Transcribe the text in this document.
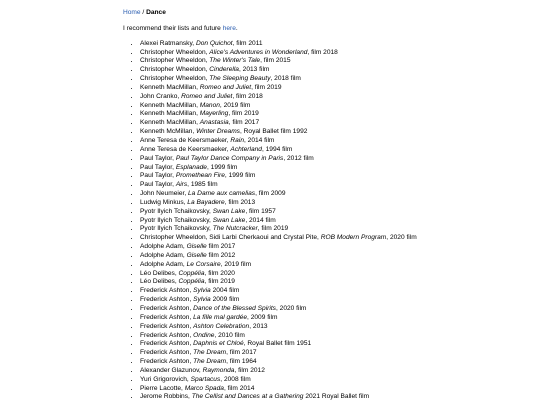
Home / Dance
I recommend their lists and future here.
• Alexei Ratmansky, Don Quichot, film 2011
• Christopher Wheeldon, Alice's Adventures in Wonderland, film 2018
• Christopher Wheeldon, The Winter's Tale, film 2015
• Christopher Wheeldon, Cinderella, 2013 film
• Christopher Wheeldon, The Sleeping Beauty, 2018 film
• Kenneth MacMillan, Romeo and Juliet, film 2019
• John Cranko, Romeo and Juliet, film 2018
• Kenneth MacMillan, Manon, 2019 film
• Kenneth MacMillan, Mayerling, film 2019
• Kenneth MacMillan, Anastasia, film 2017
• Kenneth McMillan, Winter Dreams, Royal Ballet film 1992
• Anne Teresa de Keersmaeker, Rain, 2014 film
• Anne Teresa de Keersmaeker, Achterland, 1994 film
• Paul Taylor, Paul Taylor Dance Company in Paris, 2012 film
• Paul Taylor, Esplanade, 1999 film
• Paul Taylor, Promethean Fire, 1999 film
• Paul Taylor, Airs, 1985 film
• John Neumeier, La Dame aux camelias, film 2009
• Ludwig Minkus, La Bayadere, film 2013
• Pyotr Ilyich Tchaikovsky, Swan Lake, film 1957
• Pyotr Ilyich Tchaikovsky, Swan Lake, 2014 film
• Pyotr Ilyich Tchaikovsky, The Nutcracker, film 2019
• Christopher Wheeldon, Sidi Larbi Cherkaoui and Crystal Pite, ROB Modern Program, 2020 film
• Adolphe Adam, Giselle film 2017
• Adolphe Adam, Giselle film 2012
• Adolphe Adam, Le Corsaire, 2019 film
• Léo Delibes, Coppélia, film 2020
• Léo Delibes, Coppélia, film 2019
• Frederick Ashton, Sylvia 2004 film
• Frederick Ashton, Sylvia 2009 film
• Frederick Ashton, Dance of the Blessed Spirits, 2020 film
• Frederick Ashton, La fille mal gardée, 2009 film
• Frederick Ashton, Ashton Celebration, 2013
• Frederick Ashton, Ondine, 2010 film
• Frederick Ashton, Daphnis et Chloé, Royal Ballet film 1951
• Frederick Ashton, The Dream, film 2017
• Frederick Ashton, The Dream, film 1964
• Alexander Glazunov, Raymonda, film 2012
• Yuri Grigorovich, Spartacus, 2008 film
• Pierre Lacotte, Marco Spada, film 2014
• Jerome Robbins, The Cellist and Dances at a Gathering 2021 Royal Ballet film
